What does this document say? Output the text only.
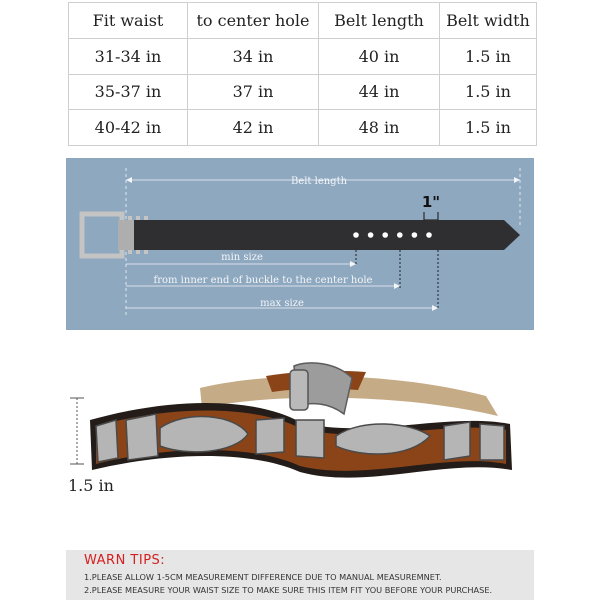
Fit waist	to center hole	Belt length	Belt width
31-34 in	34 in	40 in	1.5 in
35-37 in	37 in	44 in	1.5 in
40-42 in	42 in	48 in	1.5 in
Belt length
1"
min size
from inner end of buckle to the center hole
max size
1.5 in
WARN TIPS:
1.PLEASE ALLOW 1-5CM MEASUREMENT DIFFERENCE DUE TO MANUAL MEASUREMNET.
2.PLEASE MEASURE YOUR WAIST SIZE TO MAKE SURE THIS ITEM FIT YOU BEFORE YOUR PURCHASE.
